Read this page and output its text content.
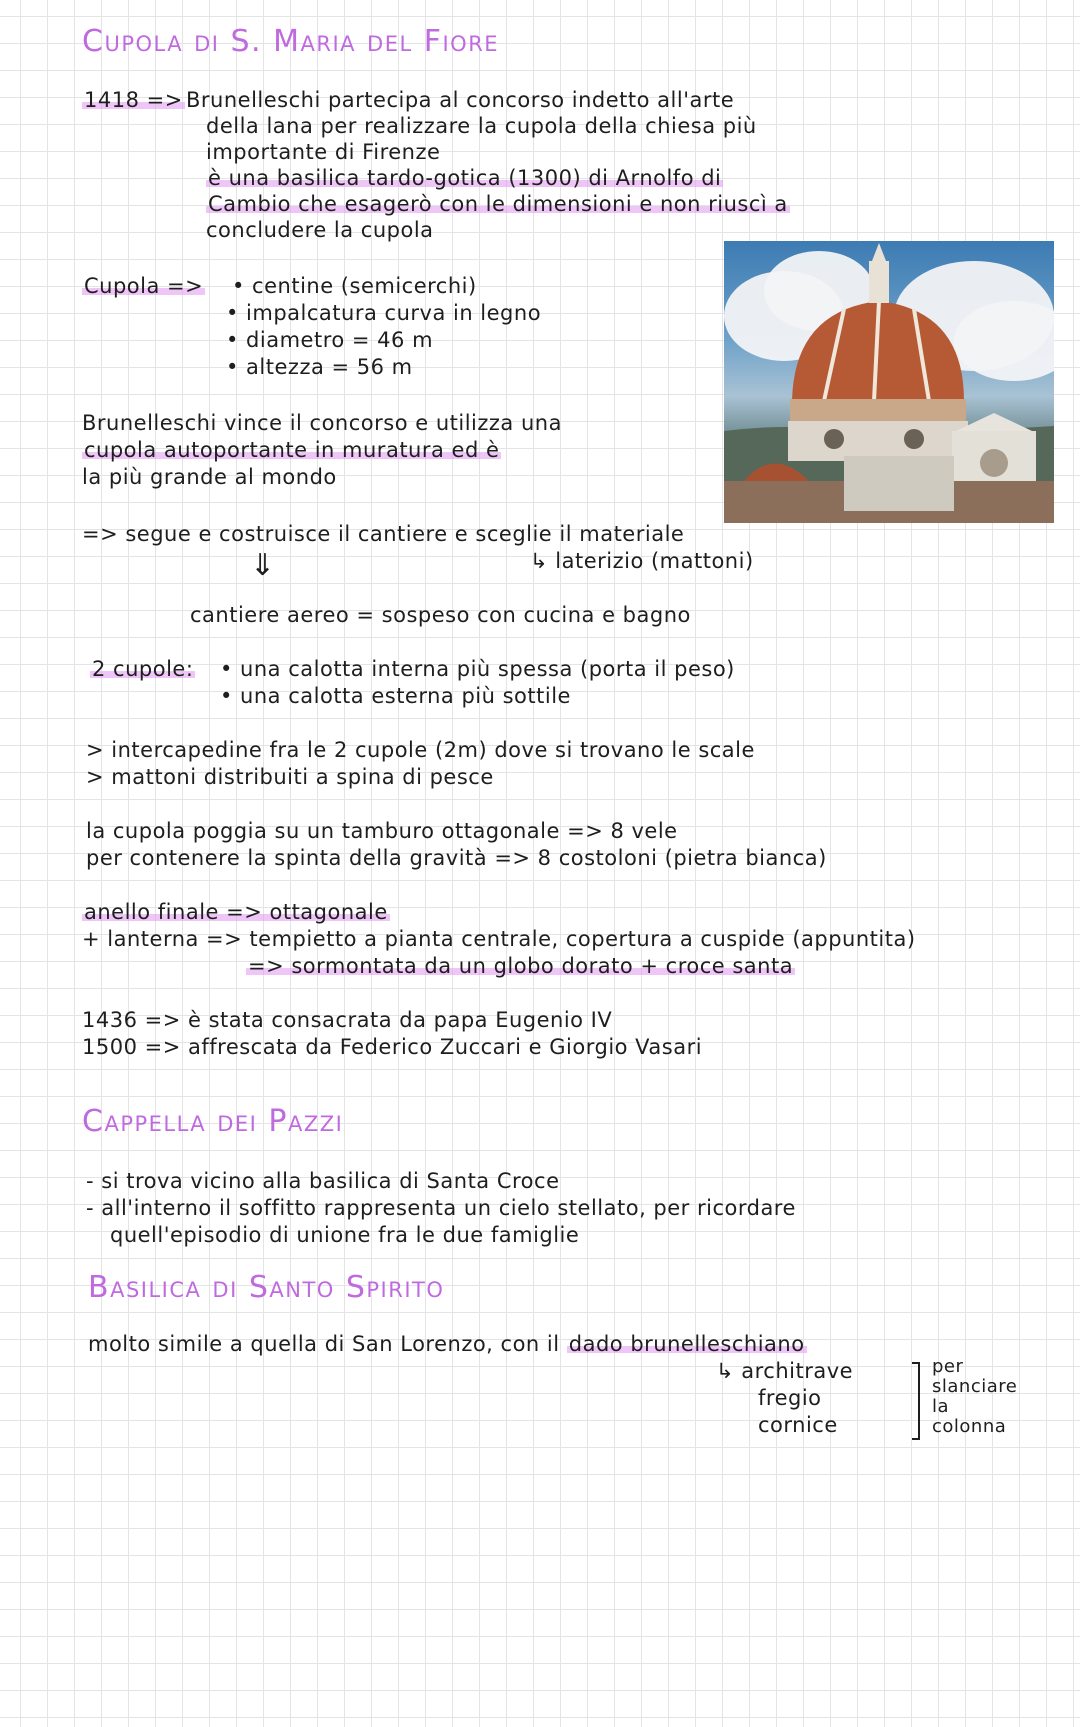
Cupola di S. Maria del Fiore
1418 => Brunelleschi partecipa al concorso indetto all'arte
della lana per realizzare la cupola della chiesa più
importante di Firenze
è una basilica tardo-gotica (1300) di Arnolfo di
Cambio che esagerò con le dimensioni e non riuscì a
concludere la cupola
Cupola => • centine (semicerchi)
• impalcatura curva in legno
• diametro = 46 m
• altezza = 56 m
Brunelleschi vince il concorso e utilizza una
cupola autoportante in muratura ed è
la più grande al mondo
=> segue e costruisce il cantiere e sceglie il materiale
↳ laterizio (mattoni)
⇓
cantiere aereo = sospeso con cucina e bagno
2 cupole: • una calotta interna più spessa (porta il peso)
• una calotta esterna più sottile
> intercapedine fra le 2 cupole (2m) dove si trovano le scale
> mattoni distribuiti a spina di pesce
la cupola poggia su un tamburo ottagonale => 8 vele
per contenere la spinta della gravità => 8 costoloni (pietra bianca)
anello finale => ottagonale
+ lanterna => tempietto a pianta centrale, copertura a cuspide (appuntita)
=> sormontata da un globo dorato + croce santa
1436 => è stata consacrata da papa Eugenio IV
1500 => affrescata da Federico Zuccari e Giorgio Vasari
Cappella dei Pazzi
- si trova vicino alla basilica di Santa Croce
- all'interno il soffitto rappresenta un cielo stellato, per ricordare
quell'episodio di unione fra le due famiglie
Basilica di Santo Spirito
molto simile a quella di San Lorenzo, con il dado brunelleschiano
↳ architrave
fregio
cornice
per
slanciare
la
colonna
